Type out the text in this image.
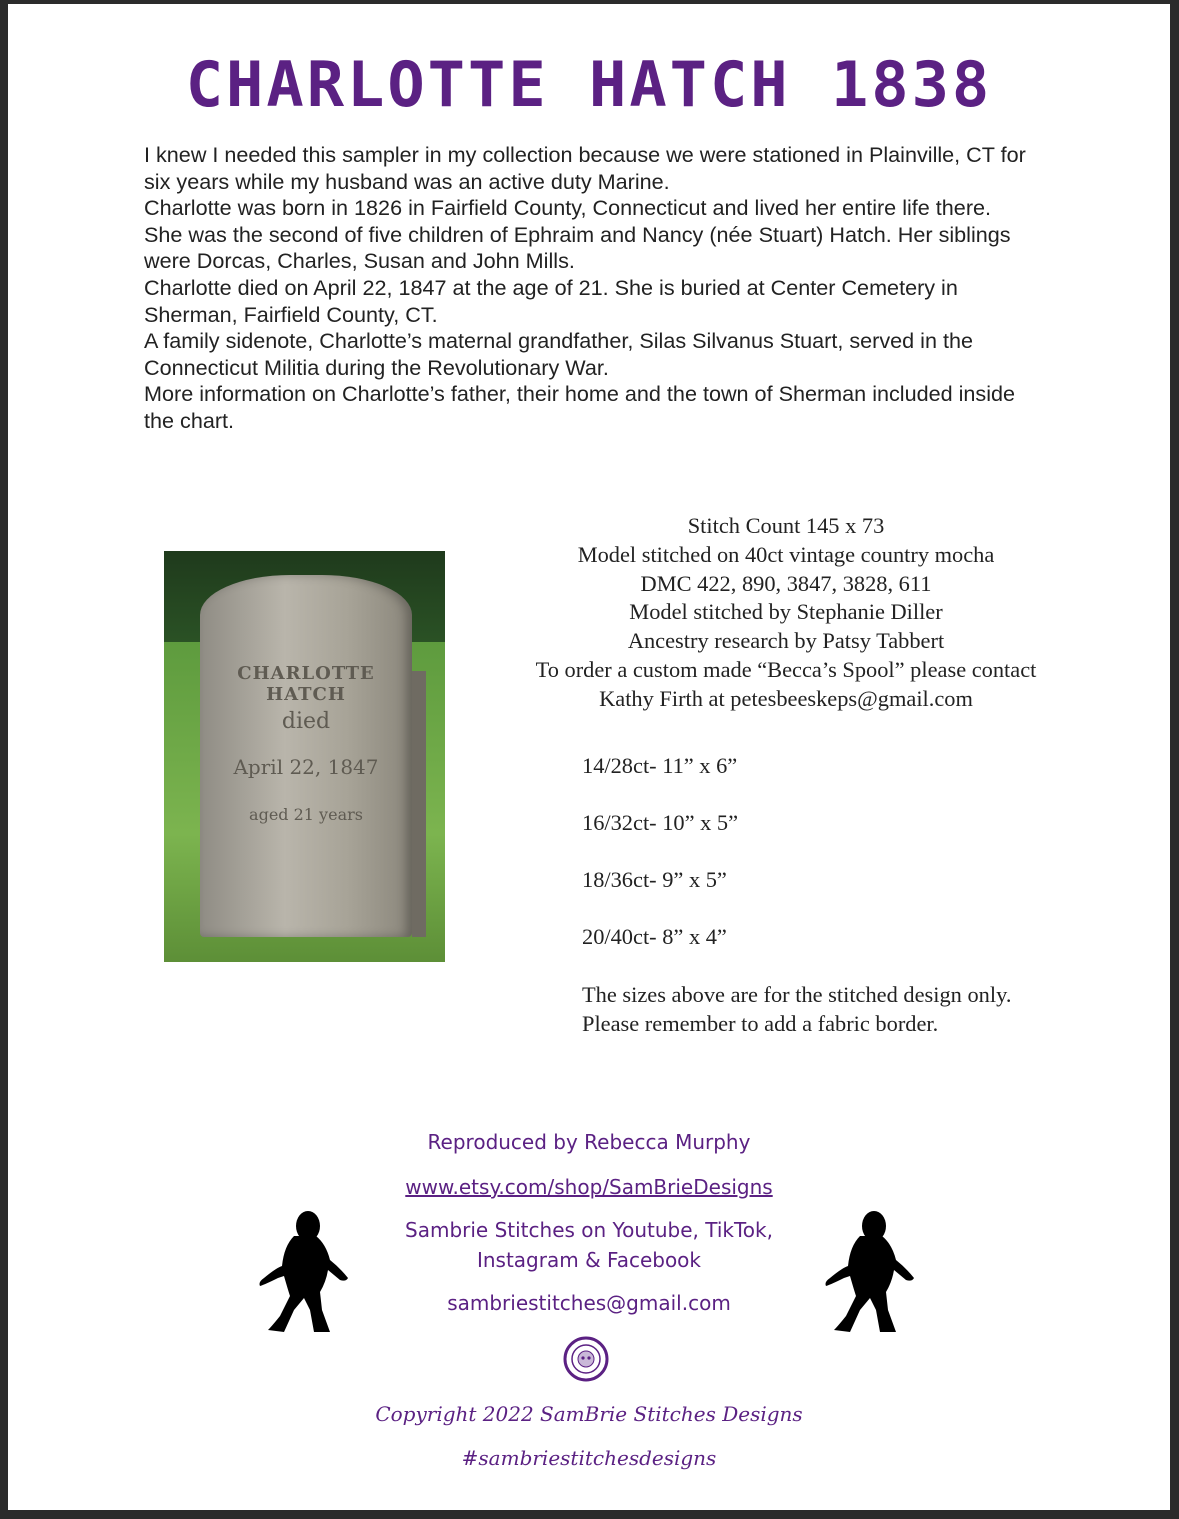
CHARLOTTE HATCH 1838

I knew I needed this sampler in my collection because we were stationed in Plainville, CT for six years while my husband was an active duty Marine.

Charlotte was born in 1826 in Fairfield County, Connecticut and lived her entire life there.

She was the second of five children of Ephraim and Nancy (née Stuart) Hatch. Her siblings were Dorcas, Charles, Susan and John Mills.

Charlotte died on April 22, 1847 at the age of 21. She is buried at Center Cemetery in Sherman, Fairfield County, CT.

A family sidenote, Charlotte’s maternal grandfather, Silas Silvanus Stuart, served in the Connecticut Militia during the Revolutionary War.

More information on Charlotte’s father, their home and the town of Sherman included inside the chart.

CHARLOTTE HATCH
died
April 22, 1847
aged 21 years
Stitch Count 145 x 73
Model stitched on 40ct vintage country mocha
DMC 422, 890, 3847, 3828, 611
Model stitched by Stephanie Diller
Ancestry research by Patsy Tabbert
To order a custom made “Becca’s Spool” please contact
Kathy Firth at petesbeeskeps@gmail.com
14/28ct- 11” x 6”
16/32ct- 10” x 5”
18/36ct- 9” x 5”
20/40ct- 8” x 4”
The sizes above are for the stitched design only.
Please remember to add a fabric border.
Reproduced by Rebecca Murphy
www.etsy.com/shop/SamBrieDesigns
Sambrie Stitches on Youtube, TikTok,
Instagram & Facebook
sambriestitches@gmail.com
Copyright 2022 SamBrie Stitches Designs
#sambriestitchesdesigns
